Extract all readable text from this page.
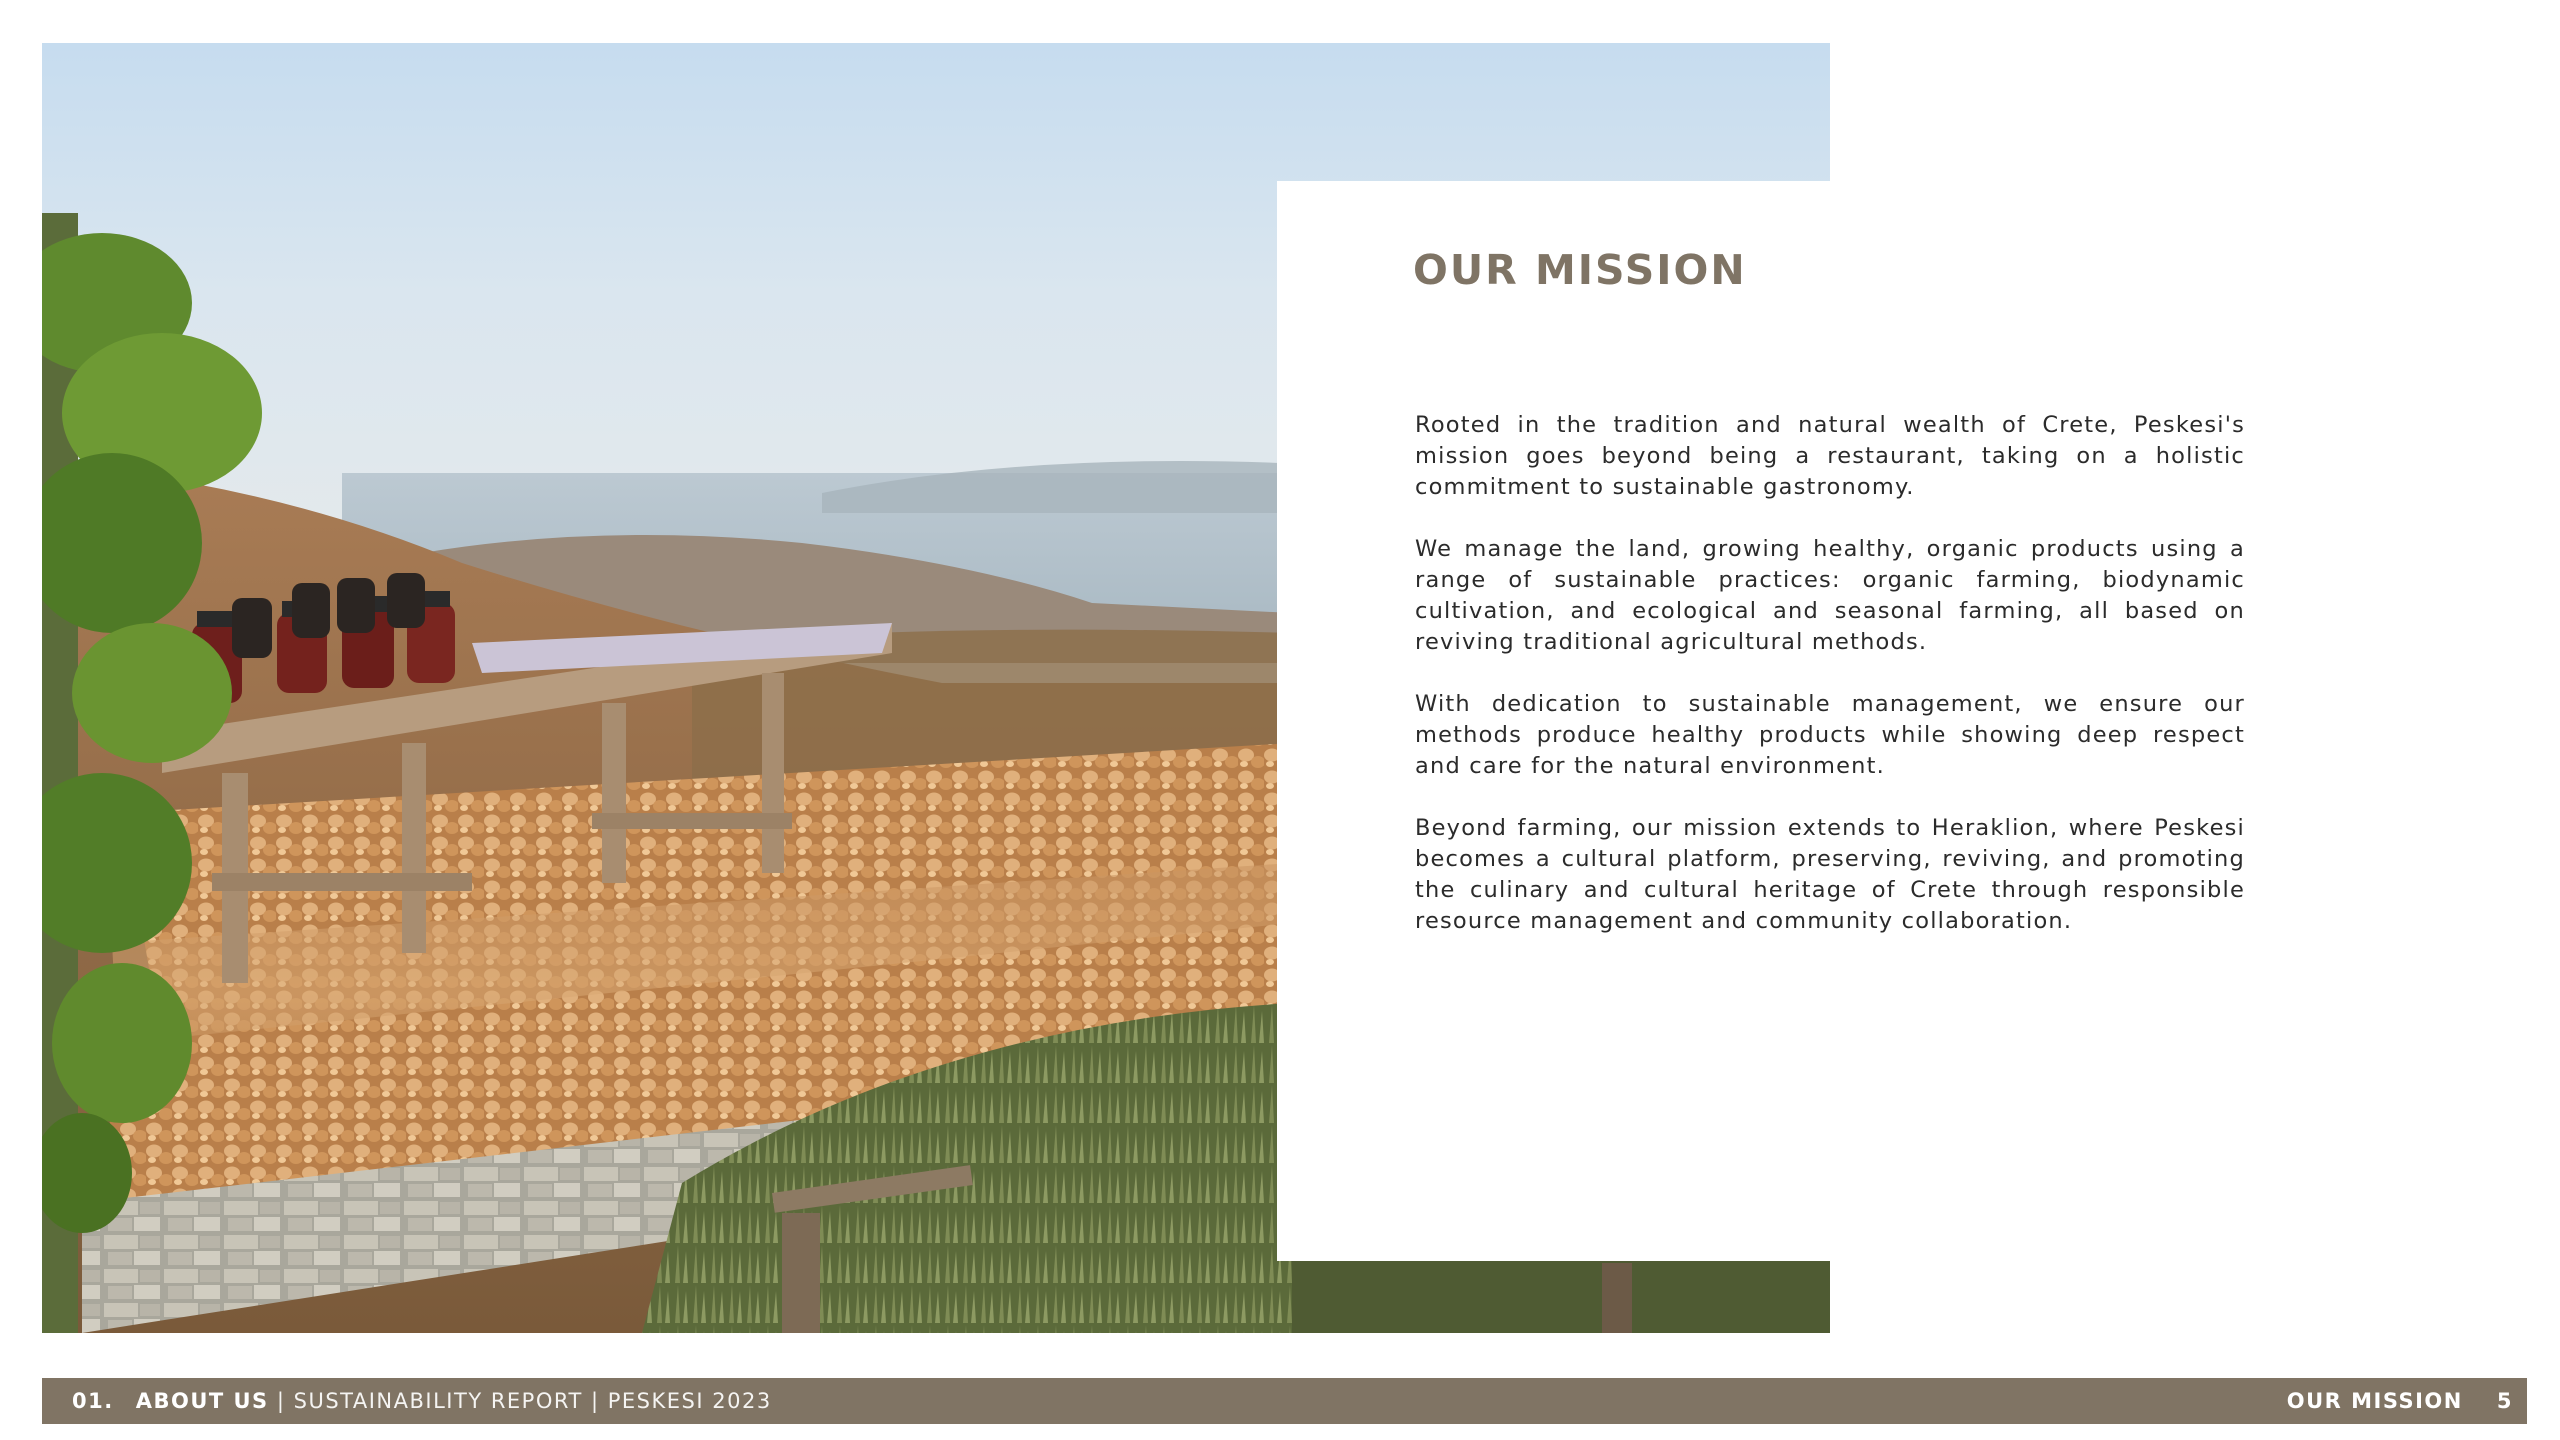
OUR MISSION

Rooted in the tradition and natural wealth of Crete, Peskesi's mission goes beyond being a restaurant, taking on a holistic commitment to sustainable gastronomy.

We manage the land, growing healthy, organic products using a range of sustainable practices: organic farming, biodynamic cultivation, and ecological and seasonal farming, all based on reviving traditional agricultural methods.

With dedication to sustainable management, we ensure our methods produce healthy products while showing deep respect and care for the natural environment.

Beyond farming, our mission extends to Heraklion, where Peskesi becomes a cultural platform, preserving, reviving, and promoting the culinary and cultural heritage of Crete through responsible resource management and community collaboration.

01. ABOUT US | SUSTAINABILITY REPORT | PESKESI 2023	OUR MISSION 5
